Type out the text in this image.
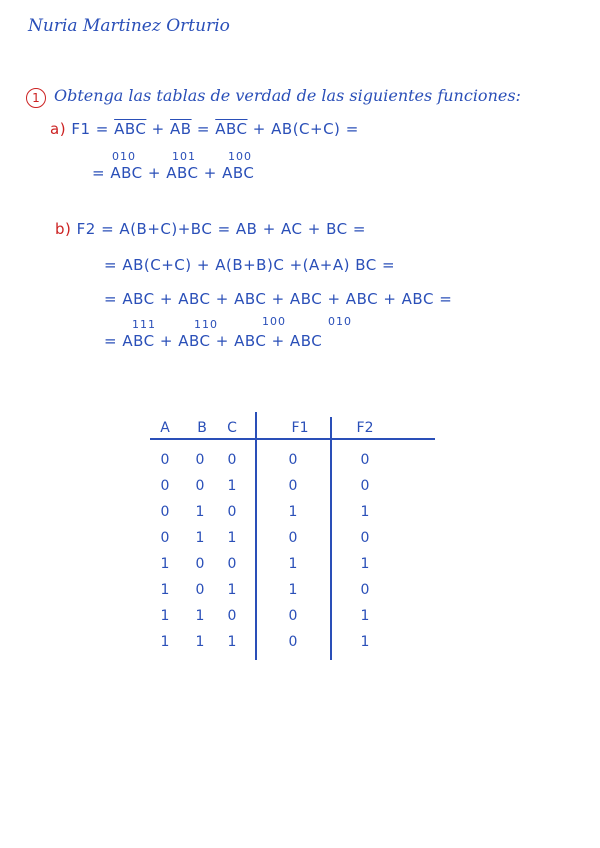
Nuria Martinez Orturio
1 Obtenga las tablas de verdad de las siguientes funciones:
a) $F1 = \overline{ABC} + \overline{AB} = \overline{ABC} + AB(C+C)$ =
010	101	100
= ABC + ABC + ABC
b) F2 = A(B+C)+BC = AB + AC + BC =
= AB(C+C) + A(B+B)C +(A+A) BC =
= ABC + ABC + ABC + ABC + ABC + ABC =
111	110	100	010
= ABC + ABC + ABC + ABC
A	B	C	F1	F2
0	0	0	0	0
0	0	1	0	0
0	1	0	1	1
0	1	1	0	0
1	0	0	1	1
1	0	1	1	0
1	1	0	0	1
1	1	1	0	1
